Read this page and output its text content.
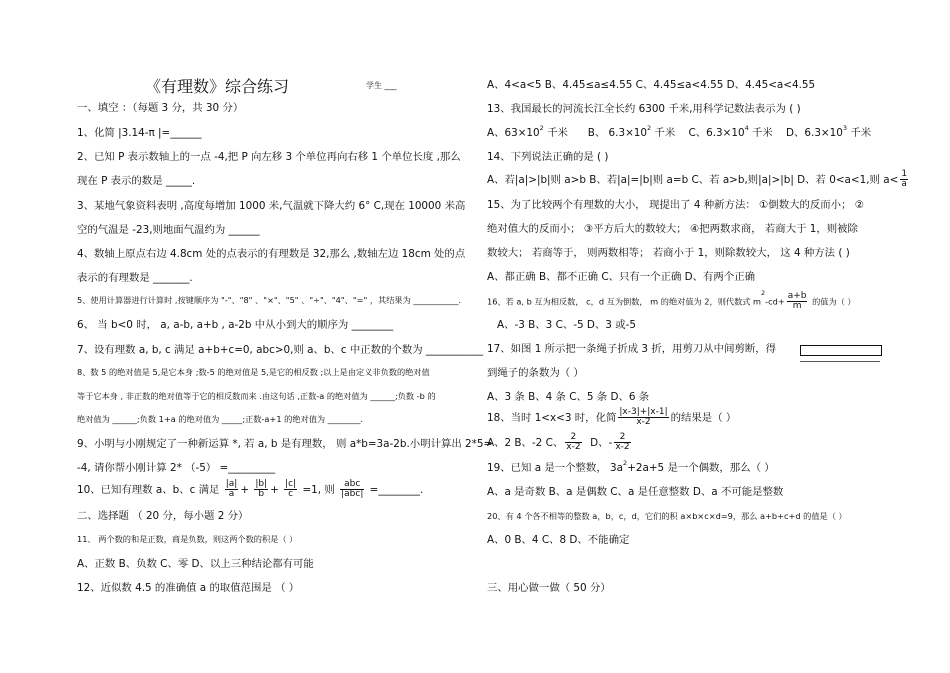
《有理数》综合练习	学生 ___
一、填空 ：（每题 3 分，共 30 分）
1、化简 |3.14-π |=______
2、已知 P 表示数轴上的一点 -4,把 P 向左移 3 个单位再向右移 1 个单位长度 ,那么
现在 P 表示的数是 _____.
3、某地气象资料表明 ,高度每增加 1000 米,气温就下降大约 6° C,现在 10000 米高
空的气温是 -23,则地面气温约为 ______
4、数轴上原点右边 4.8cm 处的点表示的有理数是 32,那么 ,数轴左边 18cm 处的点
表示的有理数是 _______.
5、使用计算器进行计算时 ,按键顺序为 "-"、"8" 、"×"、"5" 、"÷"、"4"、"=" ，其结果为 ___________.
6、 当 b<0 时， a, a-b, a+b , a-2b 中从小到大的顺序为 ________
7、设有理数 a, b, c 满足 a+b+c=0, abc>0,则 a、b、c 中正数的个数为 ___________
8、数 5 的绝对值是 5,是它本身 ;数-5 的绝对值是 5,是它的相反数 ;以上是由定义非负数的绝对值
等于它本身 , 非正数的绝对值等于它的相反数而来 .由这句话 ,正数-a 的绝对值为 ______;负数 -b 的
绝对值为 ______;负数 1+a 的绝对值为 _____;正数-a+1 的绝对值为 ________.
9、小明与小刚规定了一种新运算 *, 若 a, b 是有理数， 则 a*b=3a-2b.小明计算出 2*5=
-4, 请你帮小刚计算 2* （-5） =_________
10、已知有理数 a、b、c 满足 $\frac{|a|}{a} + \frac{|b|}{b} + \frac{|c|}{c} =1$, 则 $\frac{\text{abc}}{\text{|abc|}}$ =________.
二、选择题 （ 20 分，每小题 2 分）
11、 两个数的和是正数，商是负数，则这两个数的积是（ ）
A、正数 B、负数 C、零 D、以上三种结论都有可能
12、近似数 4.5 的准确值 a 的取值范围是 （ ）
A、4<a<5 B、4.45≤a≤4.55 C、4.45≤a<4.55 D、4.45<a<4.55
13、我国最长的河流长江全长约 6300 千米,用科学记数法表示为 ( )
A、$63\times 10^2$ 千米 B、 $6.3\times 10^2$ 千米 C、$6.3\times 10^4$ 千米 D、$6.3\times 10^3$ 千米
14、下列说法正确的是 ( )
A、若|a|>|b|则 a>b B、若|a|=|b|则 a=b C、若 a>b,则|a|>|b| D、若 0<a<1,则 $a< \frac{1}{a}$
15、为了比较两个有理数的大小， 现提出了 4 种新方法： ①倒数大的反而小； ②
绝对值大的反而小； ③平方后大的数较大； ④把两数求商， 若商大于 1，则被除
数较大； 若商等于， 则两数相等； 若商小于 1，则除数较大， 这 4 种方法 ( )
A、都正确 B、都不正确 C、只有一个正确 D、有两个正确
16、若 a, b 互为相反数， c，d 互为倒数， m 的绝对值为 2，则代数式 $m^2-cd+ \frac{a+b}{m}$ 的值为（ ）
A、-3 B、3 C、-5 D、3 或-5
17、如图 1 所示把一条绳子折成 3 折，用剪刀从中间剪断，得
到绳子的条数为（ ）
A、3 条 B、4 条 C、5 条 D、6 条
18、当时 1<x<3 时，化简 $\frac{|x-3|+|x-1|}{x-2}$ 的结果是（ ）
A、2 B、-2 C、 $\frac{2}{x-2}$ D、- $\frac{2}{x-2}$
19、已知 a 是一个整数， $3a^2+2a+5$ 是一个偶数，那么（ ）
A、a 是奇数 B、a 是偶数 C、a 是任意整数 D、a 不可能是整数
20、有 4 个各不相等的整数 a，b，c，d，它们的积 a×b×c×d=9，那么 a+b+c+d 的值是（ ）
A、0 B、4 C、8 D、不能确定
三、用心做一做（ 50 分）
